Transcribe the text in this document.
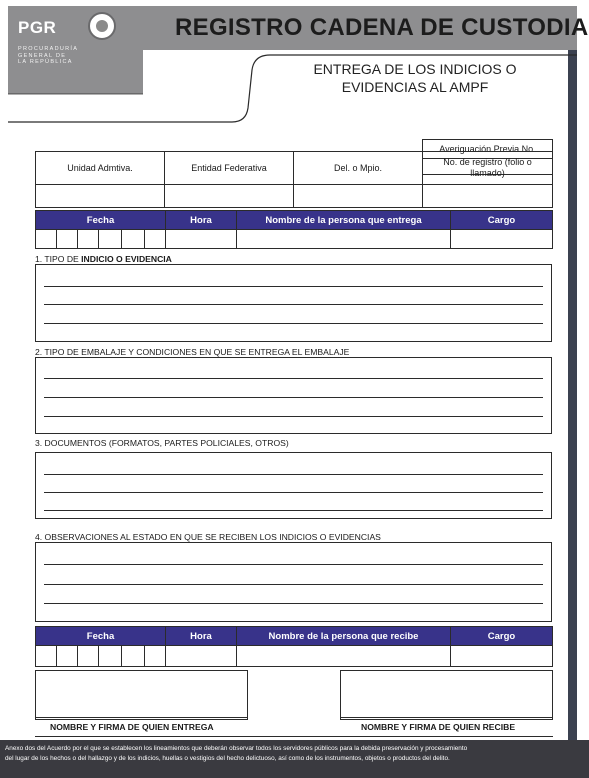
PGR
PROCURADURÍA
GENERAL DE
LA REPÚBLICA
REGISTRO CADENA DE CUSTODIA
ENTREGA DE LOS INDICIOS O EVIDENCIAS AL AMPF
Averiguación Previa No.
Unidad Admtiva.	Entidad Federativa	Del. o Mpio.
No. de registro (folio o llamado)
Fecha	Hora	Nombre de la persona que entrega	Cargo
1. TIPO DE INDICIO O EVIDENCIA
2. TIPO DE EMBALAJE Y CONDICIONES EN QUE SE ENTREGA EL EMBALAJE
3. DOCUMENTOS (FORMATOS, PARTES POLICIALES, OTROS)
4. OBSERVACIONES AL ESTADO EN QUE SE RECIBEN LOS INDICIOS O EVIDENCIAS
Fecha	Hora	Nombre de la persona que recibe	Cargo
NOMBRE Y FIRMA DE QUIEN ENTREGA	NOMBRE Y FIRMA DE QUIEN RECIBE
Anexo dos del Acuerdo por el que se establecen los lineamientos que deberán observar todos los servidores públicos para la debida preservación y procesamiento
del lugar de los hechos o del hallazgo y de los indicios, huellas o vestigios del hecho delictuoso, así como de los instrumentos, objetos o productos del delito.
